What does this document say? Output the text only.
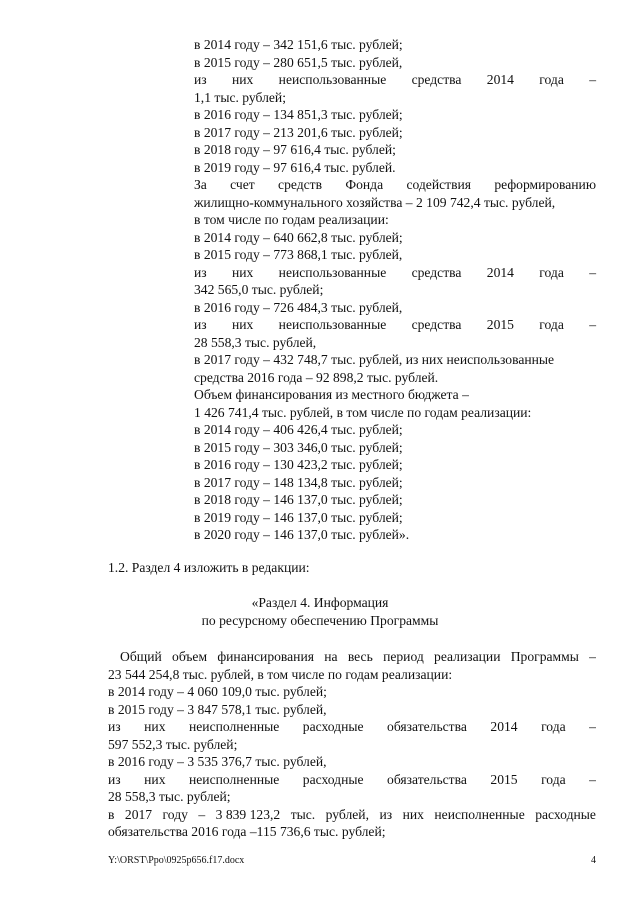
в 2014 году – 342 151,6 тыс. рублей;
в 2015 году – 280 651,5 тыс. рублей,
из них неиспользованные средства 2014 года –
1,1 тыс. рублей;
в 2016 году – 134 851,3 тыс. рублей;
в 2017 году – 213 201,6 тыс. рублей;
в 2018 году – 97 616,4 тыс. рублей;
в 2019 году – 97 616,4 тыс. рублей.
За счет средств Фонда содействия реформированию
жилищно-коммунального хозяйства – 2 109 742,4 тыс. рублей,
в том числе по годам реализации:
в 2014 году – 640 662,8 тыс. рублей;
в 2015 году – 773 868,1 тыс. рублей,
из них неиспользованные средства 2014 года –
342 565,0 тыс. рублей;
в 2016 году – 726 484,3 тыс. рублей,
из них неиспользованные средства 2015 года –
28 558,3 тыс. рублей,
в 2017 году – 432 748,7 тыс. рублей, из них неиспользованные
средства 2016 года – 92 898,2 тыс. рублей.
Объем финансирования из местного бюджета –
1 426 741,4 тыс. рублей, в том числе по годам реализации:
в 2014 году – 406 426,4 тыс. рублей;
в 2015 году – 303 346,0 тыс. рублей;
в 2016 году – 130 423,2 тыс. рублей;
в 2017 году – 148 134,8 тыс. рублей;
в 2018 году – 146 137,0 тыс. рублей;
в 2019 году – 146 137,0 тыс. рублей;
в 2020 году – 146 137,0 тыс. рублей».
1.2. Раздел 4 изложить в редакции:
«Раздел 4. Информация
по ресурсному обеспечению Программы
Общий объем финансирования на весь период реализации Программы –
23 544 254,8 тыс. рублей, в том числе по годам реализации:
в 2014 году – 4 060 109,0 тыс. рублей;
в 2015 году – 3 847 578,1 тыс. рублей,
из них неисполненные расходные обязательства 2014 года –
597 552,3 тыс. рублей;
в 2016 году – 3 535 376,7 тыс. рублей,
из них неисполненные расходные обязательства 2015 года –
28 558,3 тыс. рублей;
в 2017 году – 3 839 123,2 тыс. рублей, из них неисполненные расходные
обязательства 2016 года –115 736,6 тыс. рублей;
Y:\ORST\Ppo\0925p656.f17.docx	4
